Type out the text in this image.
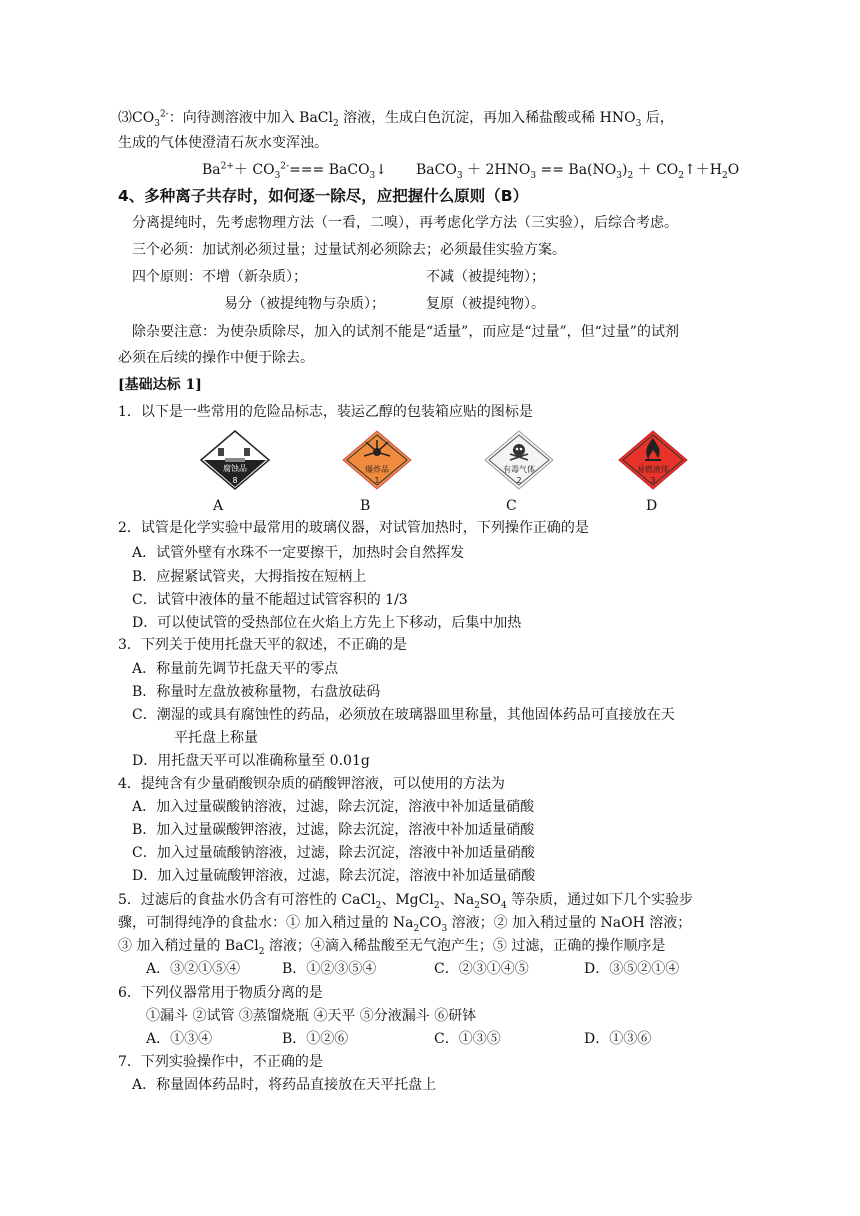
$⑶CO_3^{2-}$：向待测溶液中加入 BaCl$_2$ 溶液，生成白色沉淀，再加入稀盐酸或稀 $HNO_3$ 后，
生成的气体使澄清石灰水变浑浊。
$Ba^{2+}+ CO_3^{2-}===$ BaCO$_3$↓ BaCO$_3$ ＋ $2HNO_3 == Ba(NO_3)_2$ ＋ $CO_2↑+H_2O$
4、多种离子共存时，如何逐一除尽，应把握什么原则（B）
分离提纯时，先考虑物理方法（一看，二嗅），再考虑化学方法（三实验），后综合考虑。
三个必须：加试剂必须过量；过量试剂必须除去；必须最佳实验方案。
四个原则：不增（新杂质）；	不减（被提纯物）；
易分（被提纯物与杂质）；	复原（被提纯物）。
除杂要注意：为使杂质除尽，加入的试剂不能是“适量”，而应是“过量”，但“过量”的试剂
必须在后续的操作中便于除去。
[基础达标 1]
1．以下是一些常用的危险品标志，装运乙醇的包装箱应贴的图标是
腐蚀品
8
爆炸品
1
有毒气体
2
易燃液体
3
A	B	C	D
2．试管是化学实验中最常用的玻璃仪器，对试管加热时，下列操作正确的是
A．试管外壁有水珠不一定要擦干，加热时会自然挥发
B．应握紧试管夹，大拇指按在短柄上
C．试管中液体的量不能超过试管容积的 1/3
D．可以使试管的受热部位在火焰上方先上下移动，后集中加热
3．下列关于使用托盘天平的叙述，不正确的是
A．称量前先调节托盘天平的零点
B．称量时左盘放被称量物，右盘放砝码
C．潮湿的或具有腐蚀性的药品，必须放在玻璃器皿里称量，其他固体药品可直接放在天
平托盘上称量
D．用托盘天平可以准确称量至 0.01g
4．提纯含有少量硝酸钡杂质的硝酸钾溶液，可以使用的方法为
A．加入过量碳酸钠溶液，过滤，除去沉淀，溶液中补加适量硝酸
B．加入过量碳酸钾溶液，过滤，除去沉淀，溶液中补加适量硝酸
C．加入过量硫酸钠溶液，过滤，除去沉淀，溶液中补加适量硝酸
D．加入过量硫酸钾溶液，过滤，除去沉淀，溶液中补加适量硝酸
5．过滤后的食盐水仍含有可溶性的 CaCl$_2$、MgCl$_2$、$Na_2SO_4$ 等杂质，通过如下几个实验步
骤，可制得纯净的食盐水：① 加入稍过量的 $Na_2CO_3$ 溶液；② 加入稍过量的 NaOH 溶液；
③ 加入稍过量的 BaCl$_2$ 溶液；④滴入稀盐酸至无气泡产生；⑤ 过滤，正确的操作顺序是
A．③②①⑤④	B．①②③⑤④	C．②③①④⑤	D．③⑤②①④
6．下列仪器常用于物质分离的是
①漏斗 ②试管 ③蒸馏烧瓶 ④天平 ⑤分液漏斗 ⑥研钵
A．①③④	B．①②⑥	C．①③⑤	D．①③⑥
7．下列实验操作中，不正确的是
A．称量固体药品时，将药品直接放在天平托盘上
